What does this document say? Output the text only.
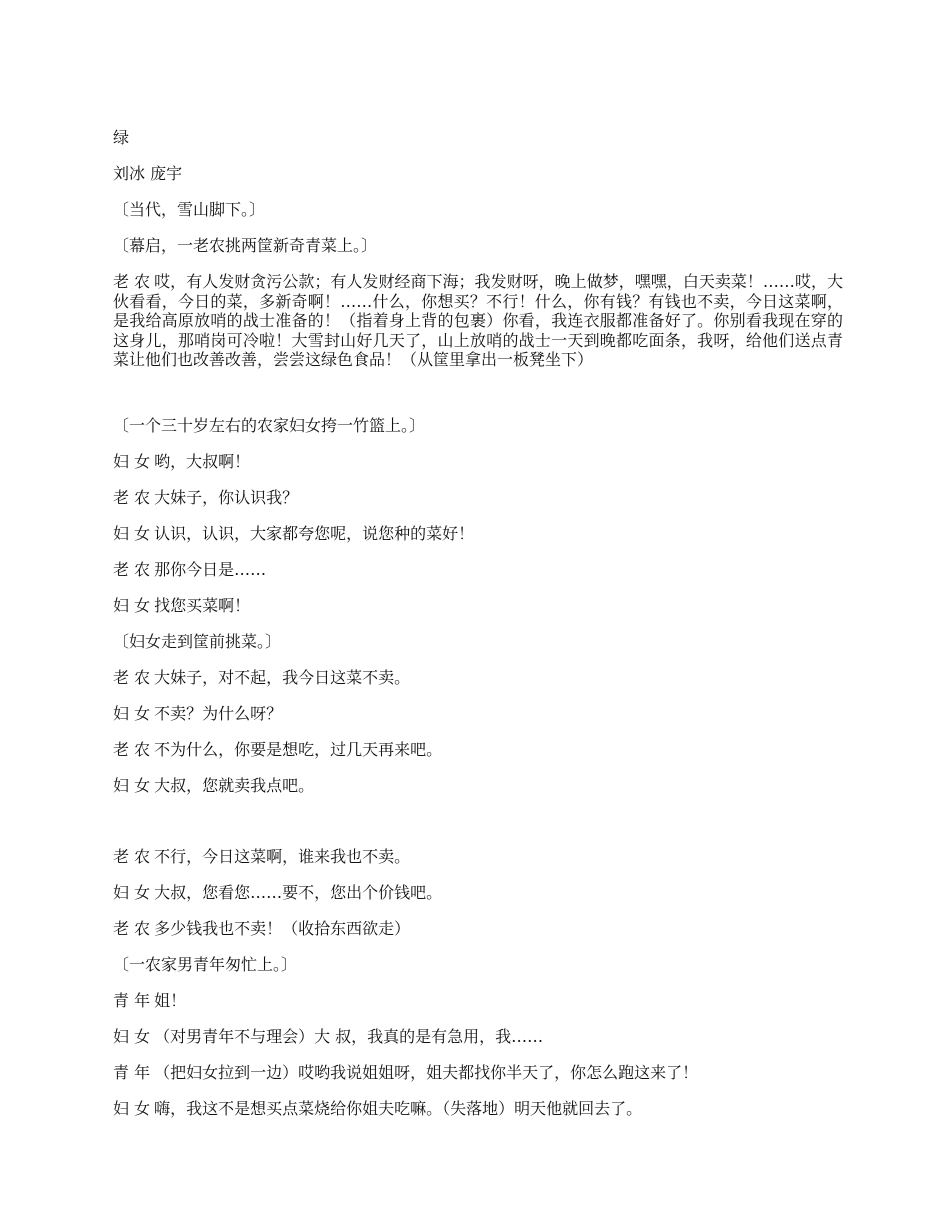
绿
刘冰 庞宇
〔当代，雪山脚下。〕
〔幕启，一老农挑两筐新奇青菜上。〕
老 农 哎，有人发财贪污公款；有人发财经商下海；我发财呀，晚上做梦，嘿嘿，白天卖菜！……哎，大伙看看，今日的菜，多新奇啊！……什么，你想买？不行！什么，你有钱？有钱也不卖，今日这菜啊，是我给高原放哨的战士准备的！（指着身上背的包裹）你看，我连衣服都准备好了。你别看我现在穿的这身儿，那哨岗可冷啦！大雪封山好几天了，山上放哨的战士一天到晚都吃面条，我呀，给他们送点青菜让他们也改善改善，尝尝这绿色食品！（从筐里拿出一板凳坐下）
〔一个三十岁左右的农家妇女挎一竹篮上。〕
妇 女 哟，大叔啊！
老 农 大妹子，你认识我？
妇 女 认识，认识，大家都夸您呢，说您种的菜好！
老 农 那你今日是……
妇 女 找您买菜啊！
〔妇女走到筐前挑菜。〕
老 农 大妹子，对不起，我今日这菜不卖。
妇 女 不卖？为什么呀？
老 农 不为什么，你要是想吃，过几天再来吧。
妇 女 大叔，您就卖我点吧。
老 农 不行，今日这菜啊，谁来我也不卖。
妇 女 大叔，您看您……要不，您出个价钱吧。
老 农 多少钱我也不卖！（收拾东西欲走）
〔一农家男青年匆忙上。〕
青 年 姐！
妇 女 （对男青年不与理会）大 叔，我真的是有急用，我……
青 年 （把妇女拉到一边）哎哟我说姐姐呀，姐夫都找你半天了，你怎么跑这来了！
妇 女 嗨，我这不是想买点菜烧给你姐夫吃嘛。（失落地）明天他就回去了。
